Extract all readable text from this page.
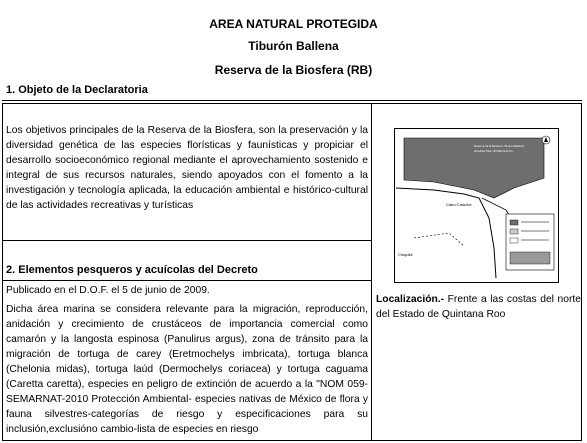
AREA NATURAL PROTEGIDA
Tiburón Ballena
Reserva de la Biosfera (RB)
1. Objeto de la Declaratoria
Los objetivos principales de la Reserva de la Biosfera, son la preservación y la diversidad genética de las especies florísticas y faunísticas y propiciar el desarrollo socioeconómico regional mediante el aprovechamiento sostenido e integral de sus recursos naturales, siendo apoyados con el fomento a la investigación y tecnología aplicada, la educación ambiental e histórico-cultural de las actividades recreativas y turísticas
2. Elementos pesqueros y acuícolas del Decreto
Publicado en el D.O.F. el 5 de junio de 2009.
Dicha área marina se considera relevante para la migración, reproducción, anidación y crecimiento de crustáceos de importancia comercial como camarón y la langosta espinosa (Panulirus argus), zona de tránsito para la migración de tortuga de carey (Eretmochelys imbricata), tortuga blanca (Chelonia midas), tortuga laúd (Dermochelys coriacea) y tortuga caguama (Caretta caretta), especies en peligro de extinción de acuerdo a la "NOM 059-SEMARNAT-2010 Protección Ambiental- especies nativas de México de flora y fauna silvestres-categorías de riesgo y especificaciones para su inclusión,exclusióno cambio-lista de especies en riesgo
Localización.- Frente a las costas del norte del Estado de Quintana Roo
Reserva de la Biosfera "Tiburón Ballena"
Superficie Total: 145,988-22-61 Ha
Cabo Catoche
Chiquilá
